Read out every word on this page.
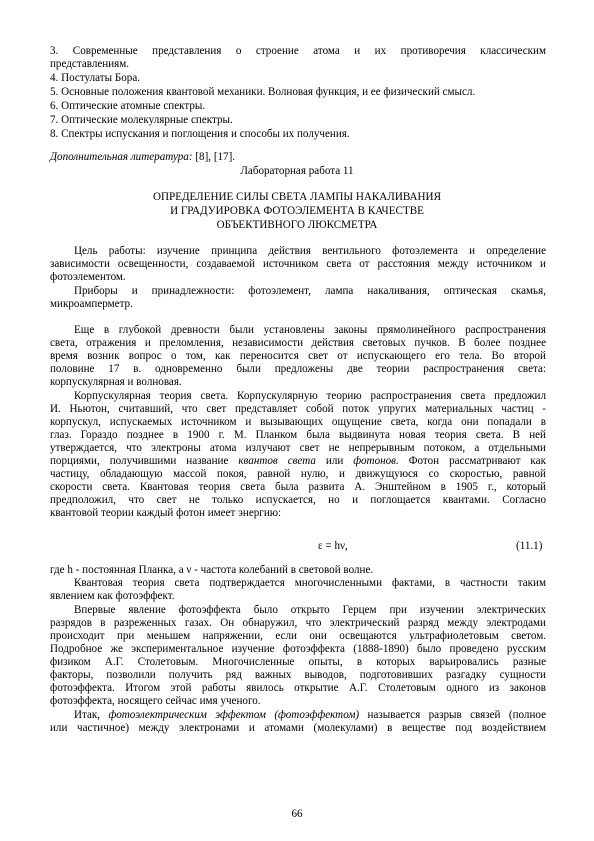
3. Современные представления о строение атома и их противоречия классическим
представлениям.
4. Постулаты Бора.
5. Основные положения квантовой механики. Волновая функция, и ее физический смысл.
6. Оптические атомные спектры.
7. Оптические молекулярные спектры.
8. Спектры испускания и поглощения и способы их получения.
Дополнительная литература: [8], [17].
Лабораторная работа 11
ОПРЕДЕЛЕНИЕ СИЛЫ СВЕТА ЛАМПЫ НАКАЛИВАНИЯ
И ГРАДУИРОВКА ФОТОЭЛЕМЕНТА В КАЧЕСТВЕ
ОБЪЕКТИВНОГО ЛЮКСМЕТРА
Цель работы: изучение принципа действия вентильного фотоэлемента и определение
зависимости освещенности, создаваемой источником света от расстояния между источником и
фотоэлементом.
Приборы и принадлежности: фотоэлемент, лампа накаливания, оптическая скамья,
микроамперметр.
Еще в глубокой древности были установлены законы прямолинейного распространения
света, отражения и преломления, независимости действия световых пучков. В более позднее
время возник вопрос о том, как переносится свет от испускающего его тела. Во второй
половине 17 в. одновременно были предложены две теории распространения света:
корпускулярная и волновая.
Корпускулярная теория света. Корпускулярную теорию распространения света предложил
И. Ньютон, считавший, что свет представляет собой поток упругих материальных частиц -
корпускул, испускаемых источником и вызывающих ощущение света, когда они попадали в
глаз. Гораздо позднее в 1900 г. М. Планком была выдвинута новая теория света. В ней
утверждается, что электроны атома излучают свет не непрерывным потоком, а отдельными
порциями, получившими название квантов света или фотонов. Фотон рассматривают как
частицу, обладающую массой покоя, равной нулю, и движущуюся со скоростью, равной
скорости света. Квантовая теория света была развита А. Энштейном в 1905 г., который
предположил, что свет не только испускается, но и поглощается квантами. Согласно
квантовой теории каждый фотон имеет энергию:
ε = hν,	(11.1)
где h - постоянная Планка, а ν - частота колебаний в световой волне.
Квантовая теория света подтверждается многочисленными фактами, в частности таким
явлением как фотоэффект.
Впервые явление фотоэффекта было открыто Герцем при изучении электрических
разрядов в разреженных газах. Он обнаружил, что электрический разряд между электродами
происходит при меньшем напряжении, если они освещаются ультрафиолетовым светом.
Подробное же экспериментальное изучение фотоэффекта (1888-1890) было проведено русским
физиком А.Г. Столетовым. Многочисленные опыты, в которых варьировались разные
факторы, позволили получить ряд важных выводов, подготовивших разгадку сущности
фотоэффекта. Итогом этой работы явилось открытие А.Г. Столетовым одного из законов
фотоэффекта, носящего сейчас имя ученого.
Итак, фотоэлектрическим эффектом (фотоэффектом) называется разрыв связей (полное
или частичное) между электронами и атомами (молекулами) в веществе под воздействием
66
